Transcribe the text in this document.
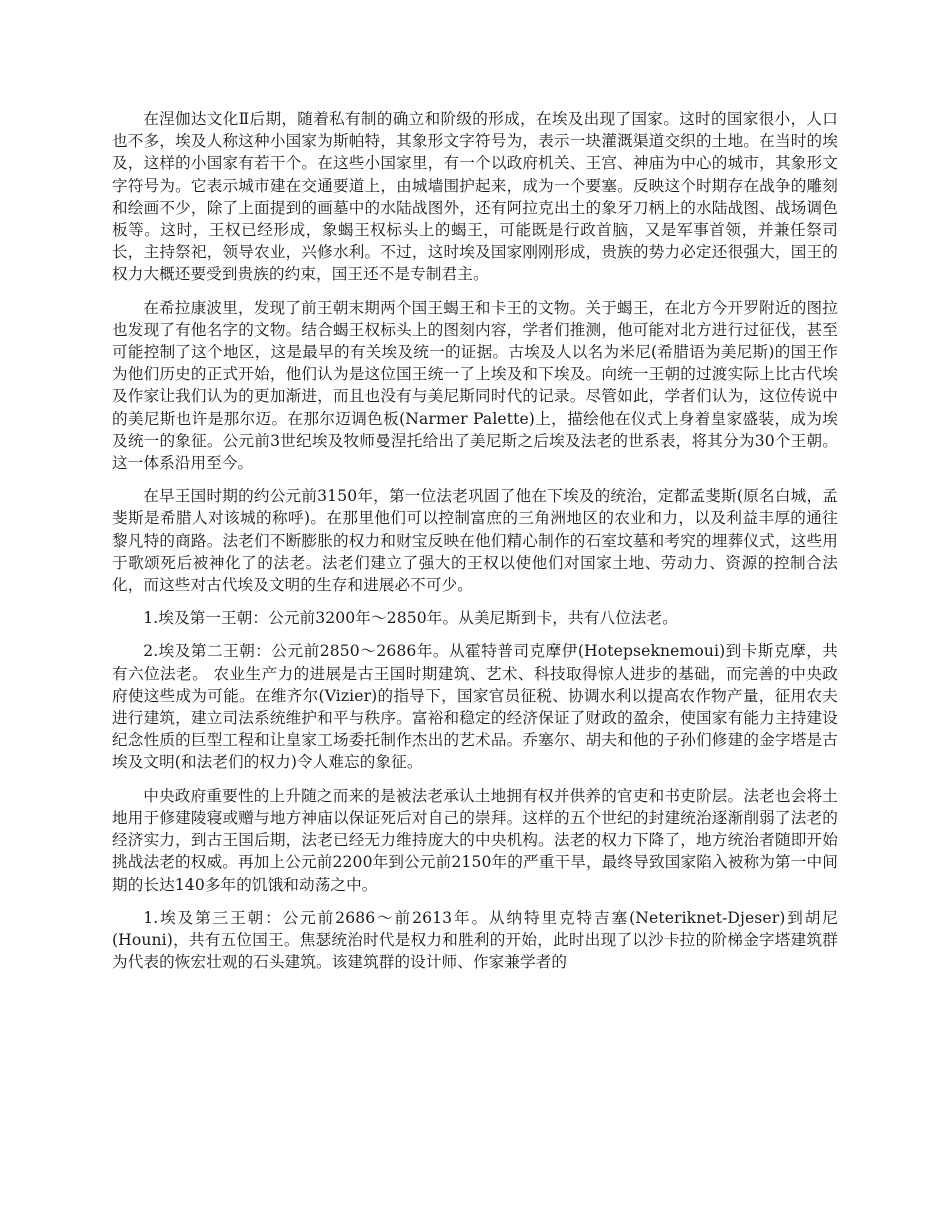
在涅伽达文化Ⅱ后期，随着私有制的确立和阶级的形成，在埃及出现了国家。这时的国家很小，人口也不多，埃及人称这种小国家为斯帕特，其象形文字符号为，表示一块灌溉渠道交织的土地。在当时的埃及，这样的小国家有若干个。在这些小国家里，有一个以政府机关、王宫、神庙为中心的城市，其象形文字符号为。它表示城市建在交通要道上，由城墙围护起来，成为一个要塞。反映这个时期存在战争的雕刻和绘画不少，除了上面提到的画墓中的水陆战图外，还有阿拉克出土的象牙刀柄上的水陆战图、战场调色板等。这时，王权已经形成，象蝎王权标头上的蝎王，可能既是行政首脑，又是军事首领，并兼任祭司长，主持祭祀，领导农业，兴修水利。不过，这时埃及国家刚刚形成，贵族的势力必定还很强大，国王的权力大概还要受到贵族的约束，国王还不是专制君主。

在希拉康波里，发现了前王朝末期两个国王蝎王和卡王的文物。关于蝎王，在北方今开罗附近的图拉也发现了有他名字的文物。结合蝎王权标头上的图刻内容，学者们推测，他可能对北方进行过征伐，甚至可能控制了这个地区，这是最早的有关埃及统一的证据。古埃及人以名为米尼(希腊语为美尼斯)的国王作为他们历史的正式开始，他们认为是这位国王统一了上埃及和下埃及。向统一王朝的过渡实际上比古代埃及作家让我们认为的更加渐进，而且也没有与美尼斯同时代的记录。尽管如此，学者们认为，这位传说中的美尼斯也许是那尔迈。在那尔迈调色板(Narmer Palette)上，描绘他在仪式上身着皇家盛装，成为埃及统一的象征。公元前3世纪埃及牧师曼涅托给出了美尼斯之后埃及法老的世系表，将其分为30个王朝。这一体系沿用至今。

在早王国时期的约公元前3150年，第一位法老巩固了他在下埃及的统治，定都孟斐斯(原名白城，孟斐斯是希腊人对该城的称呼)。在那里他们可以控制富庶的三角洲地区的农业和力，以及利益丰厚的通往黎凡特的商路。法老们不断膨胀的权力和财宝反映在他们精心制作的石室坟墓和考究的埋葬仪式，这些用于歌颂死后被神化了的法老。法老们建立了强大的王权以使他们对国家土地、劳动力、资源的控制合法化，而这些对古代埃及文明的生存和进展必不可少。

1.埃及第一王朝：公元前3200年～2850年。从美尼斯到卡，共有八位法老。

2.埃及第二王朝：公元前2850～2686年。从霍特普司克摩伊(Hotepseknemoui)到卡斯克摩，共有六位法老。 农业生产力的进展是古王国时期建筑、艺术、科技取得惊人进步的基础，而完善的中央政府使这些成为可能。在维齐尔(Vizier)的指导下，国家官员征税、协调水利以提高农作物产量，征用农夫进行建筑，建立司法系统维护和平与秩序。富裕和稳定的经济保证了财政的盈余，使国家有能力主持建设纪念性质的巨型工程和让皇家工场委托制作杰出的艺术品。乔塞尔、胡夫和他的子孙们修建的金字塔是古埃及文明(和法老们的权力)令人难忘的象征。

中央政府重要性的上升随之而来的是被法老承认土地拥有权并供养的官吏和书吏阶层。法老也会将土地用于修建陵寝或赠与地方神庙以保证死后对自己的崇拜。这样的五个世纪的封建统治逐渐削弱了法老的经济实力，到古王国后期，法老已经无力维持庞大的中央机构。法老的权力下降了，地方统治者随即开始挑战法老的权威。再加上公元前2200年到公元前2150年的严重干旱，最终导致国家陷入被称为第一中间期的长达140多年的饥饿和动荡之中。

1.埃及第三王朝：公元前2686～前2613年。从纳特里克特吉塞(Neteriknet-Djeser)到胡尼(Houni)，共有五位国王。焦瑟统治时代是权力和胜利的开始，此时出现了以沙卡拉的阶梯金字塔建筑群为代表的恢宏壮观的石头建筑。该建筑群的设计师、作家兼学者的
